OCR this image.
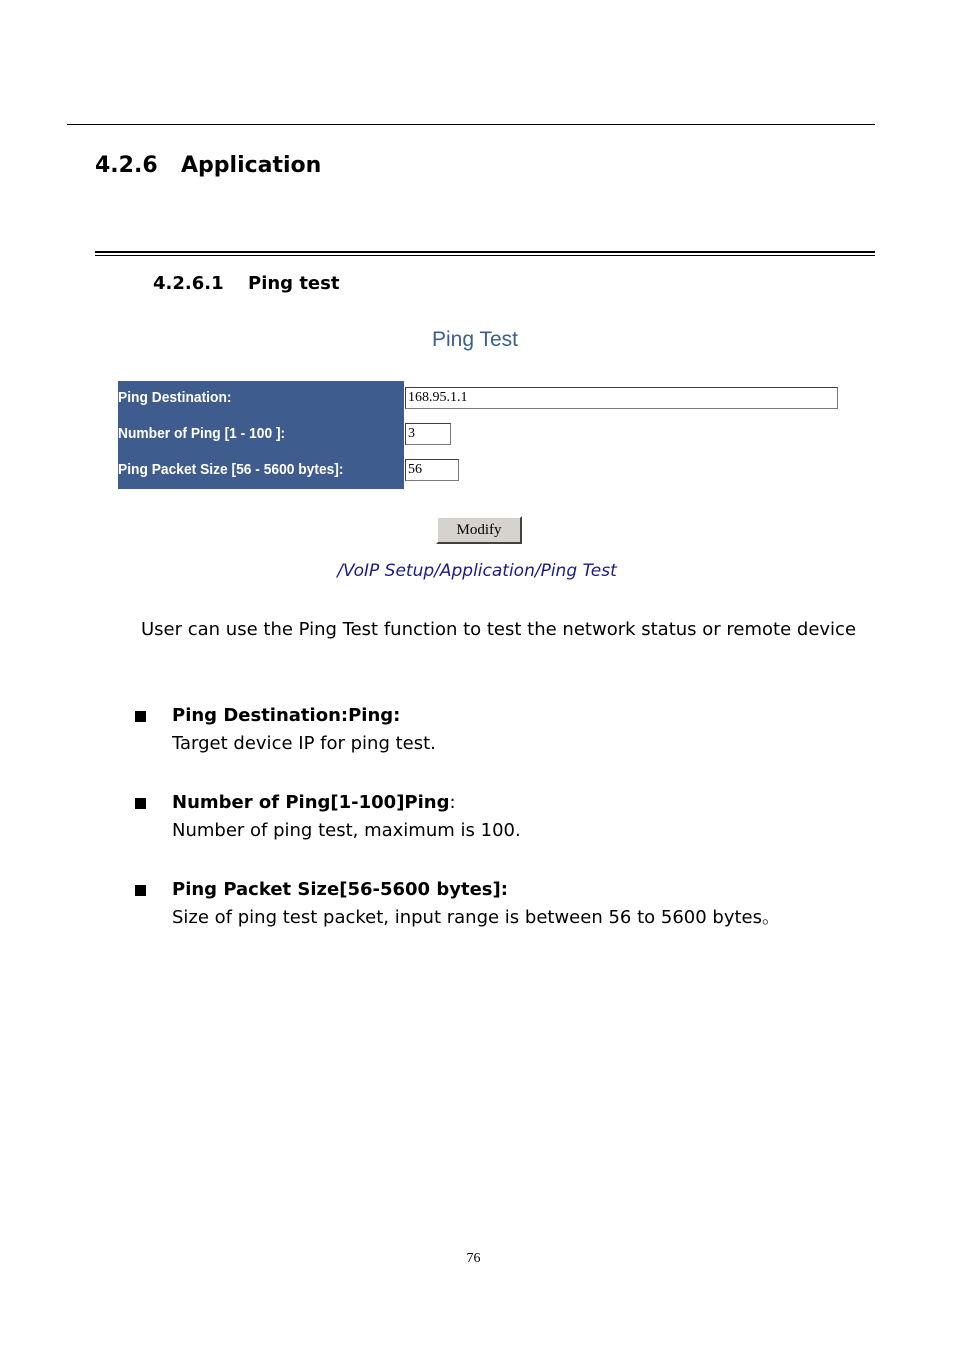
4.2.6 Application
4.2.6.1 Ping test
Ping Test
Ping Destination:
Number of Ping [1 - 100 ]:
Ping Packet Size [56 - 5600 bytes]:
168.95.1.1
3
56
Modify
/VoIP Setup/Application/Ping Test

User can use the Ping Test function to test the network status or remote device

Ping Destination:Ping:
Target device IP for ping test.
Number of Ping[1-100]Ping:
Number of ping test, maximum is 100.
Ping Packet Size[56-5600 bytes]:
Size of ping test packet, input range is between 56 to 5600 bytes。
76
